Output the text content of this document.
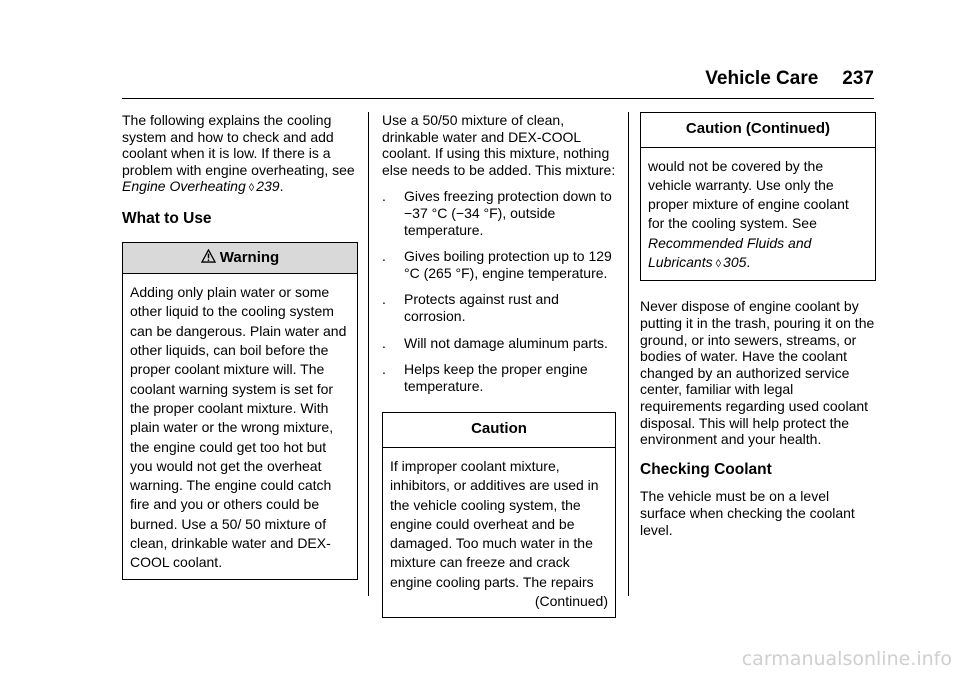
Vehicle Care 237

The following explains the cooling system and how to check and add coolant when it is low. If there is a problem with engine overheating, see Engine Overheating ◊ 239.

What to Use
Warning
Adding only plain water or some other liquid to the cooling system can be dangerous. Plain water and other liquids, can boil before the proper coolant mixture will. The coolant warning system is set for the proper coolant mixture. With plain water or the wrong mixture, the engine could get too hot but you would not get the overheat warning. The engine could catch fire and you or others could be burned. Use a 50/ 50 mixture of clean, drinkable water and DEX-COOL coolant.

Use a 50/50 mixture of clean, drinkable water and DEX-COOL coolant. If using this mixture, nothing else needs to be added. This mixture:

.	Gives freezing protection down to −37 °C (−34 °F), outside temperature.
.	Gives boiling protection up to 129 °C (265 °F), engine temperature.
.	Protects against rust and corrosion.
.	Will not damage aluminum parts.
.	Helps keep the proper engine temperature.
Caution
If improper coolant mixture, inhibitors, or additives are used in the vehicle cooling system, the engine could overheat and be damaged. Too much water in the mixture can freeze and crack engine cooling parts. The repairs
(Continued)
Caution (Continued)
would not be covered by the vehicle warranty. Use only the proper mixture of engine coolant for the cooling system. See Recommended Fluids and Lubricants ◊ 305.

Never dispose of engine coolant by putting it in the trash, pouring it on the ground, or into sewers, streams, or bodies of water. Have the coolant changed by an authorized service center, familiar with legal requirements regarding used coolant disposal. This will help protect the environment and your health.

Checking Coolant

The vehicle must be on a level surface when checking the coolant level.

carmanualsonline.info
